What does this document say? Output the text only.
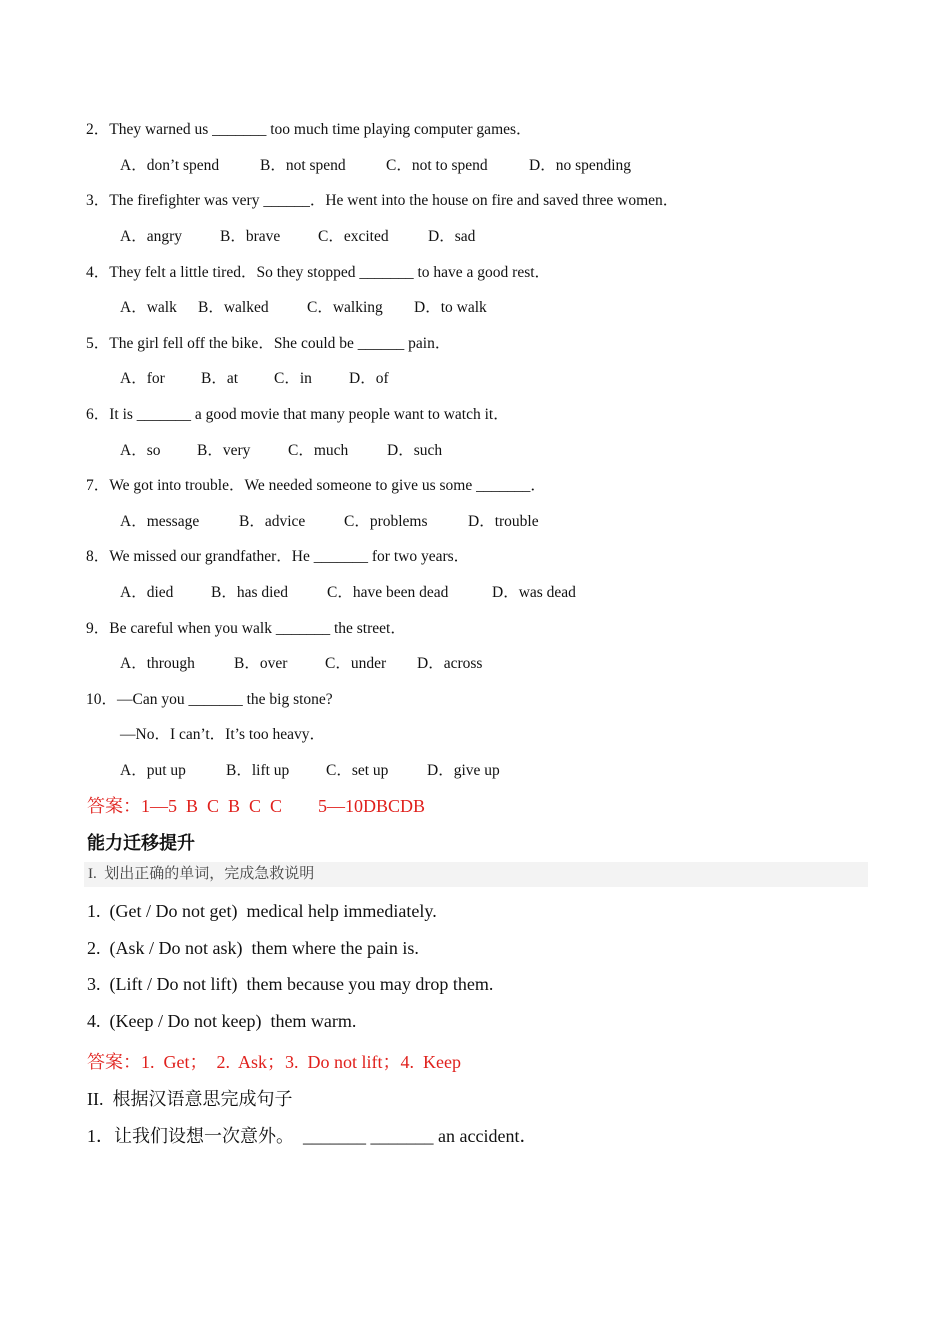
2．They warned us _______ too much time playing computer games．

A．don’t spend	B．not spend	C．not to spend	D．no spending

3．The firefighter was very ______．He went into the house on fire and saved three women．

A．angry B．brave C．excited	D．sad

4．They felt a little tired．So they stopped _______ to have a good rest．

A．walk B．walked C．walking D．to walk

5．The girl fell off the bike．She could be ______ pain．

A．for B．at C．in D．of

6．It is _______ a good movie that many people want to watch it．

A．so B．very C．much D．such

7．We got into trouble．We needed someone to give us some _______．

A．message	B．advice C．problems	D．trouble

8．We missed our grandfather．He _______ for two years．

A．died B．has died	C．have been dead	D．was dead

9．Be careful when you walk _______ the street．

A．through	B．over C．under D．across

10．—Can you _______ the big stone?

—No．I can’t．It’s too heavy．

A．put up	B．lift up C．set up D．give up

答案：1—5  B  C  B  C  C        5—10DBCDB

能力迁移提升

I.  划出正确的单词，完成急救说明

1.  (Get / Do not get)  medical help immediately.

2.  (Ask / Do not ask)  them where the pain is.

3.  (Lift / Do not lift)  them because you may drop them.

4.  (Keep / Do not keep)  them warm.

答案：1.  Get；  2.  Ask；3.  Do not lift；4.  Keep

II.  根据汉语意思完成句子

1．让我们设想一次意外。  _______ _______ an accident．
